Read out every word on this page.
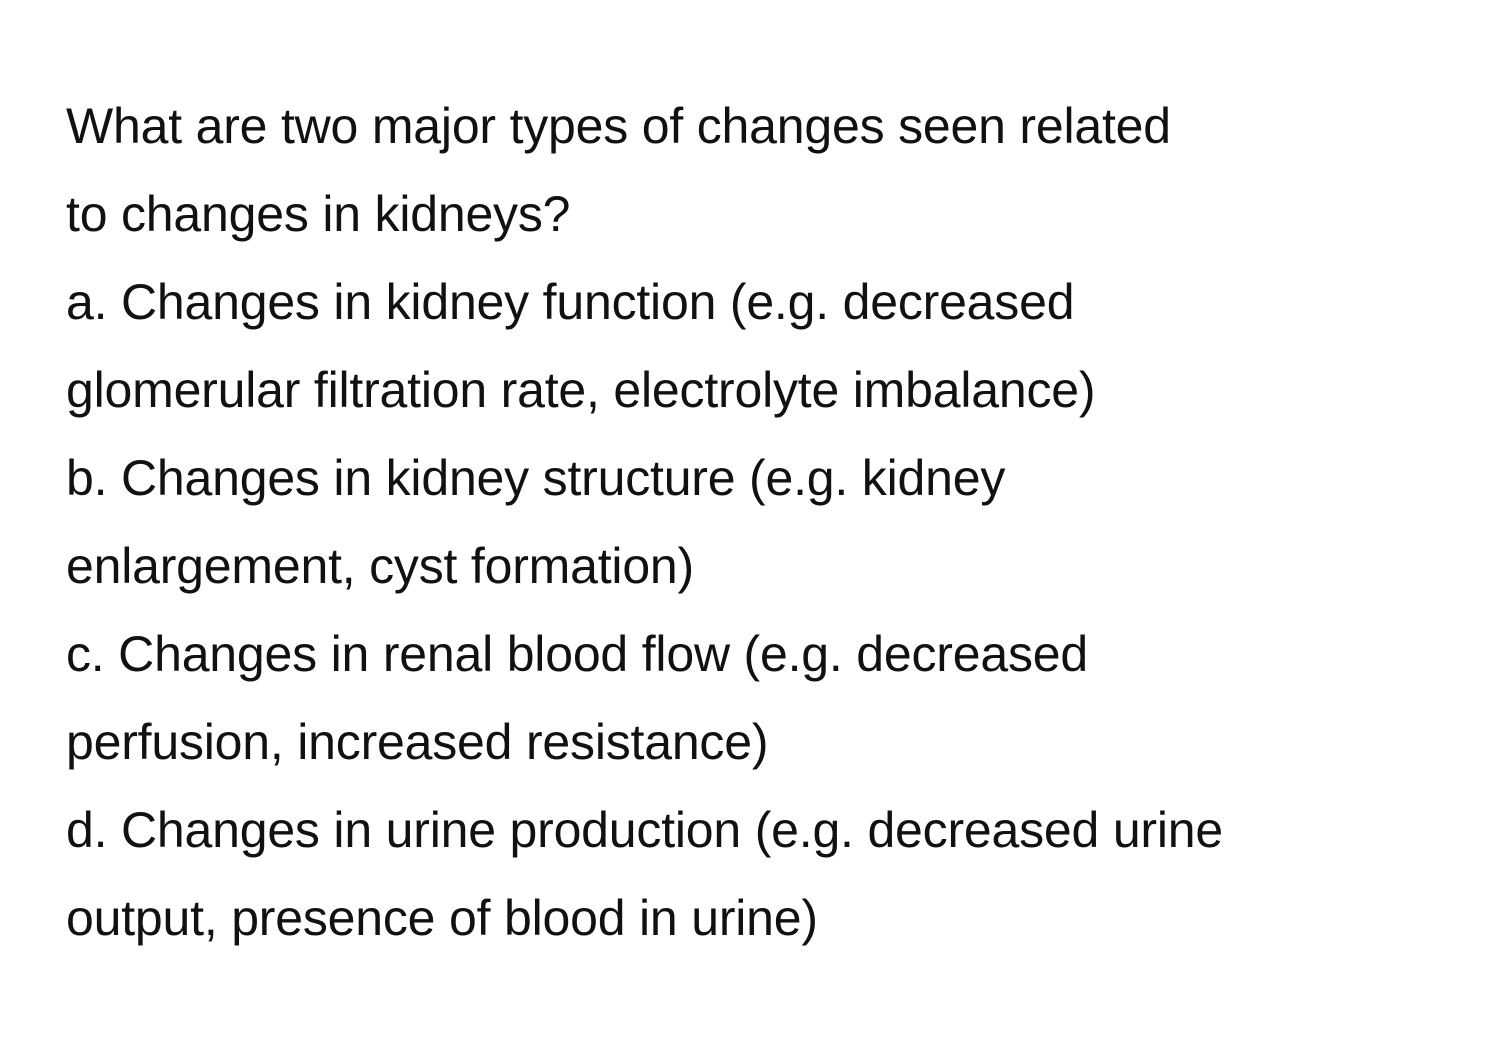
What are two major types of changes seen related
to changes in kidneys?
a. Changes in kidney function (e.g. decreased
glomerular filtration rate, electrolyte imbalance)
b. Changes in kidney structure (e.g. kidney
enlargement, cyst formation)
c. Changes in renal blood flow (e.g. decreased
perfusion, increased resistance)
d. Changes in urine production (e.g. decreased urine
output, presence of blood in urine)
